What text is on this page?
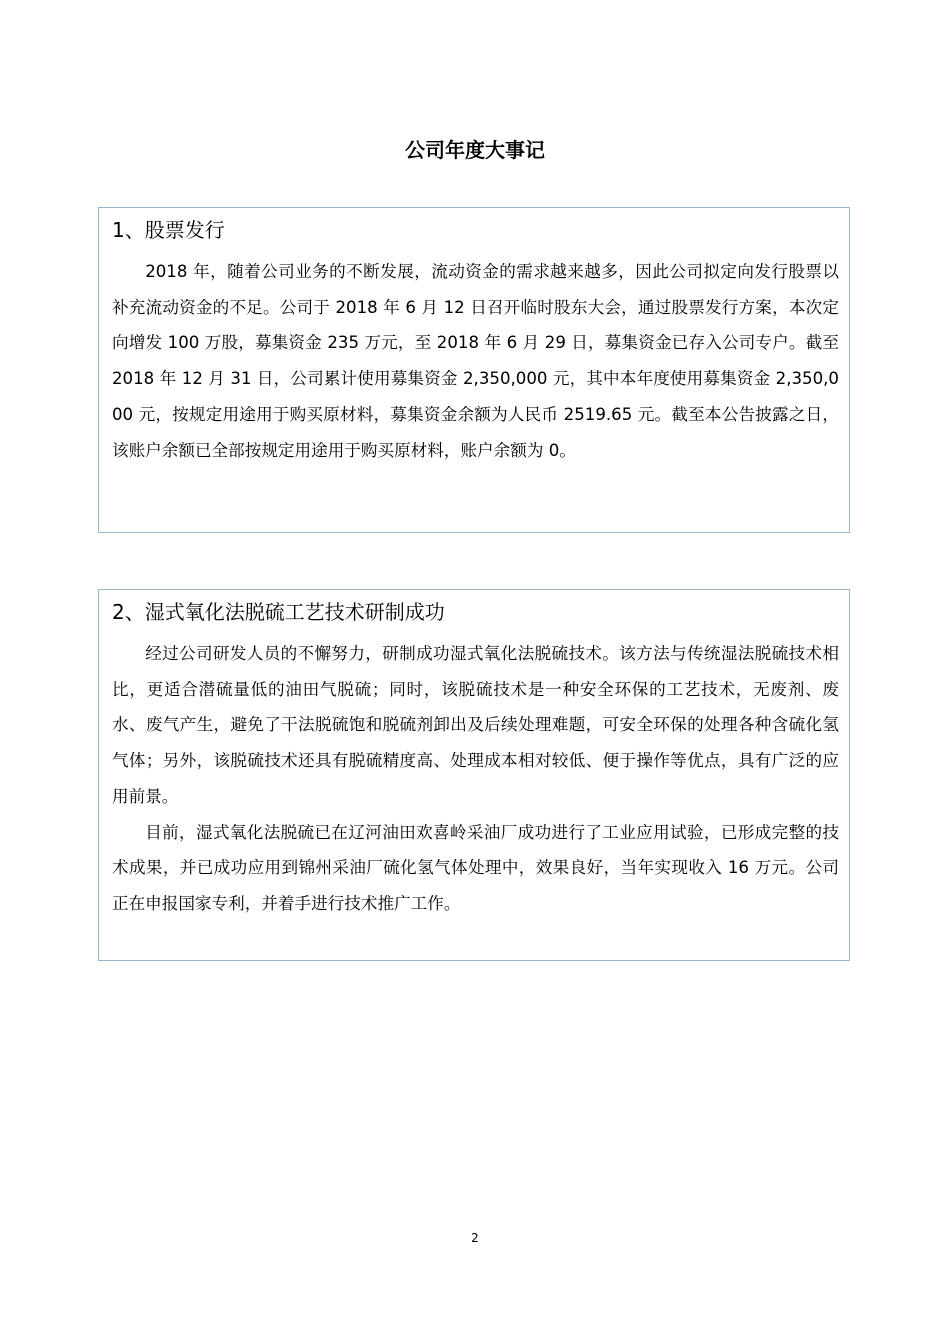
公司年度大事记
1、股票发行

2018 年，随着公司业务的不断发展，流动资金的需求越来越多，因此公司拟定向发行股票以补充流动资金的不足。公司于 2018 年 6 月 12 日召开临时股东大会，通过股票发行方案，本次定向增发 100 万股，募集资金 235 万元，至 2018 年 6 月 29 日，募集资金已存入公司专户。截至 2018 年 12 月 31 日，公司累计使用募集资金 2,350,000 元，其中本年度使用募集资金 2,350,000 元，按规定用途用于购买原材料，募集资金余额为人民币 2519.65 元。截至本公告披露之日，该账户余额已全部按规定用途用于购买原材料，账户余额为 0。

2、湿式氧化法脱硫工艺技术研制成功

经过公司研发人员的不懈努力，研制成功湿式氧化法脱硫技术。该方法与传统湿法脱硫技术相比，更适合潜硫量低的油田气脱硫；同时，该脱硫技术是一种安全环保的工艺技术，无废剂、废水、废气产生，避免了干法脱硫饱和脱硫剂卸出及后续处理难题，可安全环保的处理各种含硫化氢气体；另外，该脱硫技术还具有脱硫精度高、处理成本相对较低、便于操作等优点，具有广泛的应用前景。

目前，湿式氧化法脱硫已在辽河油田欢喜岭采油厂成功进行了工业应用试验，已形成完整的技术成果，并已成功应用到锦州采油厂硫化氢气体处理中，效果良好，当年实现收入 16 万元。公司正在申报国家专利，并着手进行技术推广工作。

2
